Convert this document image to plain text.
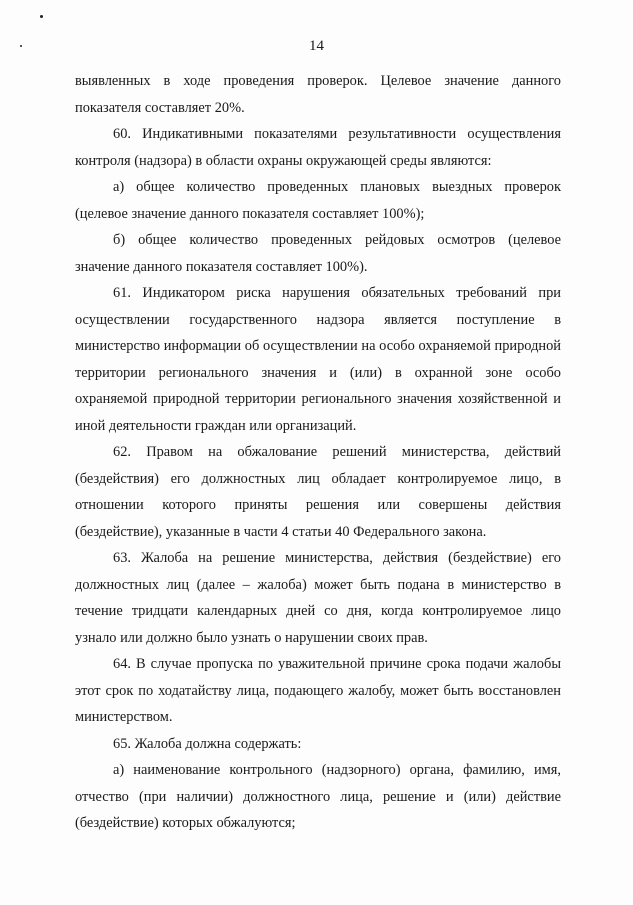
14

выявленных в ходе проведения проверок. Целевое значение данного показателя составляет 20%.

60. Индикативными показателями результативности осуществления контроля (надзора) в области охраны окружающей среды являются:

а) общее количество проведенных плановых выездных проверок (целевое значение данного показателя составляет 100%);

б) общее количество проведенных рейдовых осмотров (целевое значение данного показателя составляет 100%).

61. Индикатором риска нарушения обязательных требований при осуществлении государственного надзора является поступление в министерство информации об осуществлении на особо охраняемой природной территории регионального значения и (или) в охранной зоне особо охраняемой природной территории регионального значения хозяйственной и иной деятельности граждан или организаций.

62. Правом на обжалование решений министерства, действий (бездействия) его должностных лиц обладает контролируемое лицо, в отношении которого приняты решения или совершены действия (бездействие), указанные в части 4 статьи 40 Федерального закона.

63. Жалоба на решение министерства, действия (бездействие) его должностных лиц (далее – жалоба) может быть подана в министерство в течение тридцати календарных дней со дня, когда контролируемое лицо узнало или должно было узнать о нарушении своих прав.

64. В случае пропуска по уважительной причине срока подачи жалобы этот срок по ходатайству лица, подающего жалобу, может быть восстановлен министерством.

65. Жалоба должна содержать:

а) наименование контрольного (надзорного) органа, фамилию, имя, отчество (при наличии) должностного лица, решение и (или) действие (бездействие) которых обжалуются;
